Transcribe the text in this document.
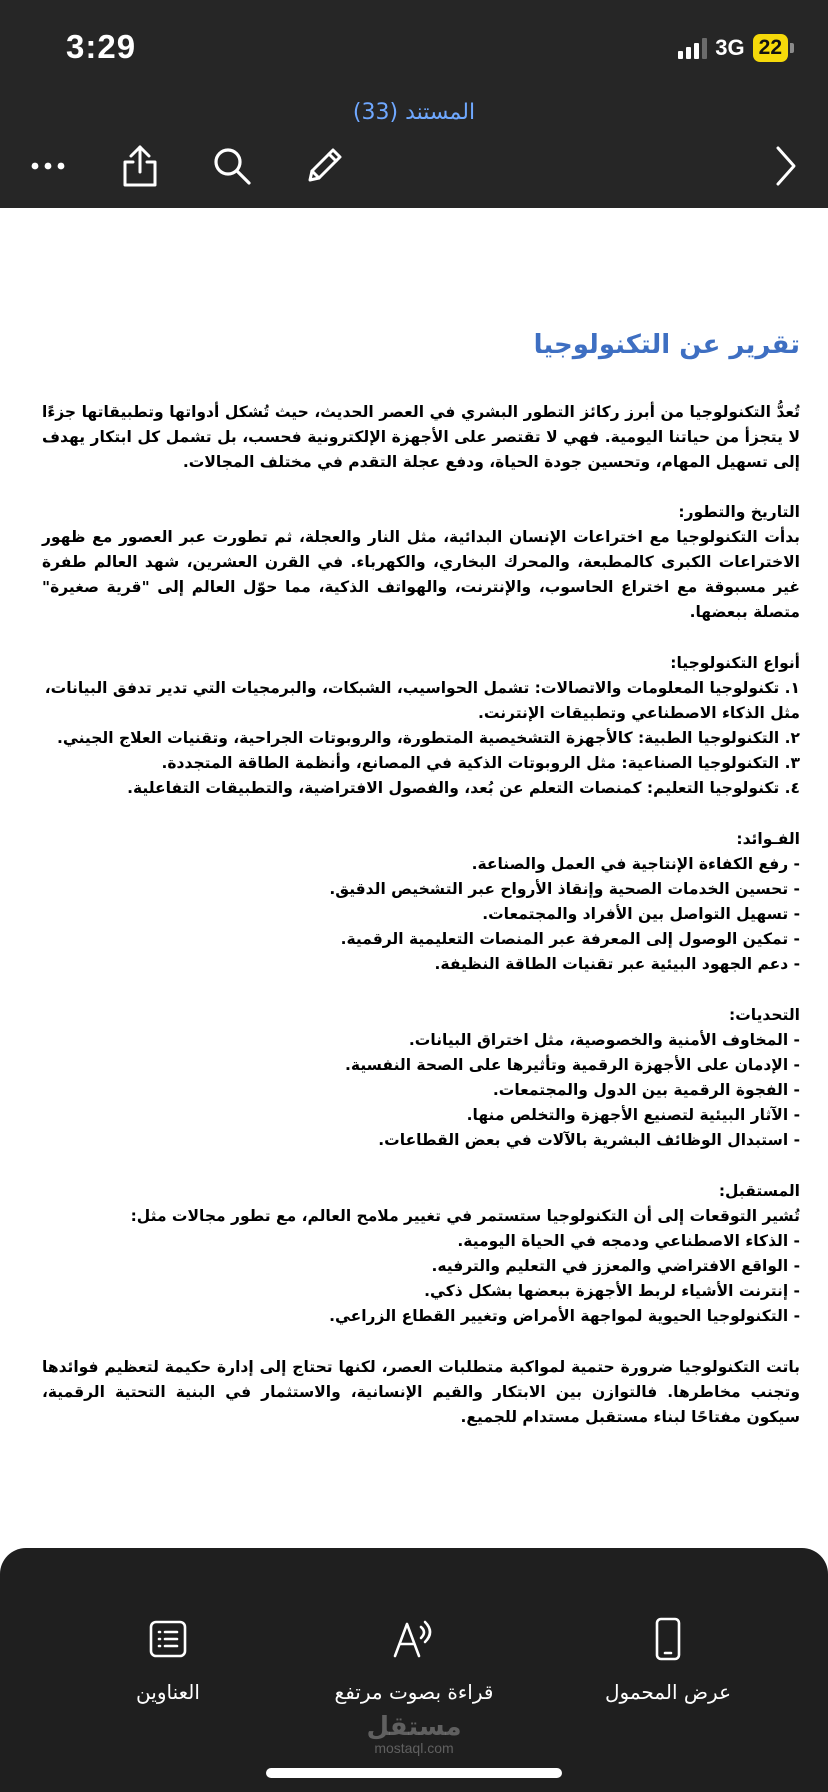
3:29	3G 22
المستند (33)
تقرير عن التكنولوجيا
تُعدُّ التكنولوجيا من أبرز ركائز التطور البشري في العصر الحديث، حيث تُشكل أدواتها وتطبيقاتها جزءًا لا يتجزأ من حياتنا اليومية. فهي لا تقتصر على الأجهزة الإلكترونية فحسب، بل تشمل كل ابتكار يهدف إلى تسهيل المهام، وتحسين جودة الحياة، ودفع عجلة التقدم في مختلف المجالات.
التاريخ والتطور:
بدأت التكنولوجيا مع اختراعات الإنسان البدائية، مثل النار والعجلة، ثم تطورت عبر العصور مع ظهور الاختراعات الكبرى كالمطبعة، والمحرك البخاري، والكهرباء. في القرن العشرين، شهد العالم طفرة غير مسبوقة مع اختراع الحاسوب، والإنترنت، والهواتف الذكية، مما حوّل العالم إلى "قرية صغيرة" متصلة ببعضها.
أنواع التكنولوجيا:
١. تكنولوجيا المعلومات والاتصالات: تشمل الحواسيب، الشبكات، والبرمجيات التي تدير تدفق البيانات، مثل الذكاء الاصطناعي وتطبيقات الإنترنت.
٢. التكنولوجيا الطبية: كالأجهزة التشخيصية المتطورة، والروبوتات الجراحية، وتقنيات العلاج الجيني.
٣. التكنولوجيا الصناعية: مثل الروبوتات الذكية في المصانع، وأنظمة الطاقة المتجددة.
٤. تكنولوجيا التعليم: كمنصات التعلم عن بُعد، والفصول الافتراضية، والتطبيقات التفاعلية.
الفـوائد:
- رفع الكفاءة الإنتاجية في العمل والصناعة.
- تحسين الخدمات الصحية وإنقاذ الأرواح عبر التشخيص الدقيق.
- تسهيل التواصل بين الأفراد والمجتمعات.
- تمكين الوصول إلى المعرفة عبر المنصات التعليمية الرقمية.
- دعم الجهود البيئية عبر تقنيات الطاقة النظيفة.
التحديات:
- المخاوف الأمنية والخصوصية، مثل اختراق البيانات.
- الإدمان على الأجهزة الرقمية وتأثيرها على الصحة النفسية.
- الفجوة الرقمية بين الدول والمجتمعات.
- الآثار البيئية لتصنيع الأجهزة والتخلص منها.
- استبدال الوظائف البشرية بالآلات في بعض القطاعات.
المستقبل:
تُشير التوقعات إلى أن التكنولوجيا ستستمر في تغيير ملامح العالم، مع تطور مجالات مثل:
- الذكاء الاصطناعي ودمجه في الحياة اليومية.
- الواقع الافتراضي والمعزز في التعليم والترفيه.
- إنترنت الأشياء لربط الأجهزة ببعضها بشكل ذكي.
- التكنولوجيا الحيوية لمواجهة الأمراض وتغيير القطاع الزراعي.
باتت التكنولوجيا ضرورة حتمية لمواكبة متطلبات العصر، لكنها تحتاج إلى إدارة حكيمة لتعظيم فوائدها وتجنب مخاطرها. فالتوازن بين الابتكار والقيم الإنسانية، والاستثمار في البنية التحتية الرقمية، سيكون مفتاحًا لبناء مستقبل مستدام للجميع.
العناوين	قراءة بصوت مرتفع	عرض المحمول
مستقل
mostaql.com
